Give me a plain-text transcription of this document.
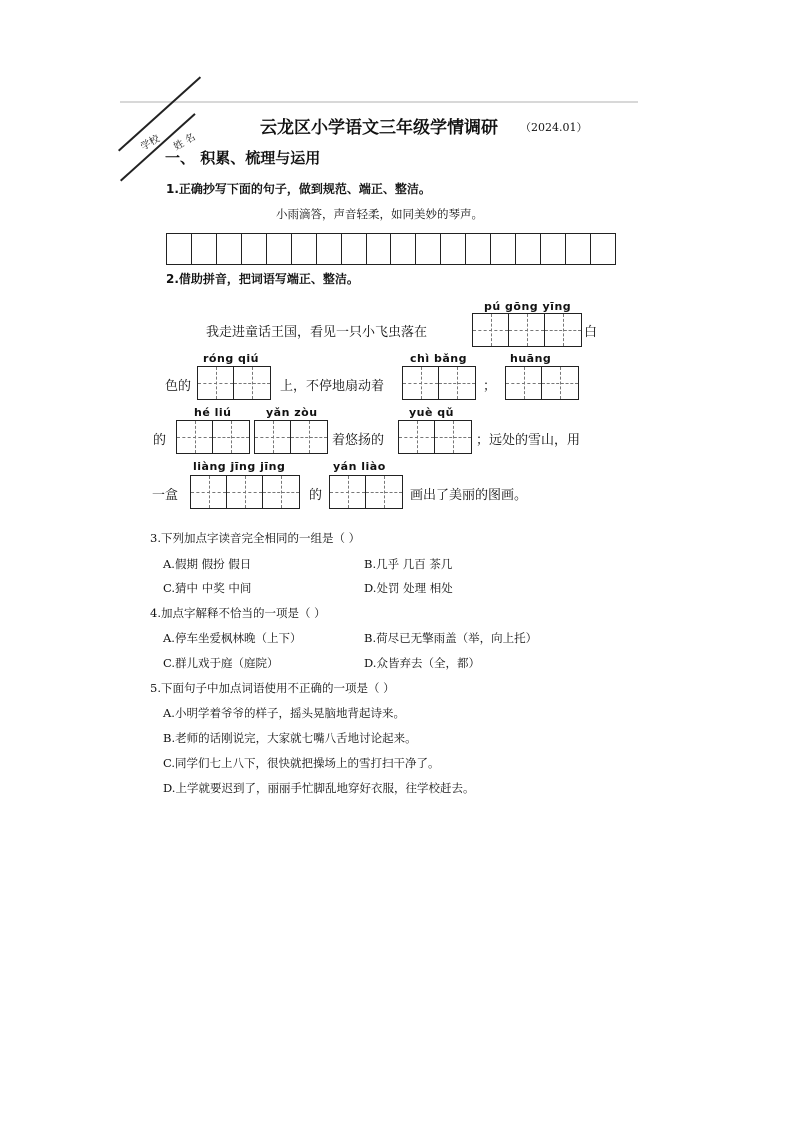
学校 姓 名
云龙区小学语文三年级学情调研 （2024.01）
一、 积累、梳理与运用
1.正确抄写下面的句子，做到规范、端正、整洁。
小雨滴答，声音轻柔，如同美妙的琴声。
2.借助拼音，把词语写端正、整洁。
pú gōng yīng
我走进童话王国，看见一只小飞虫落在	白
róng qiú	chì bǎng	huāng
色的	上，不停地扇动着	；
hé liú	yǎn zòu	yuè qǔ
的	着悠扬的	；远处的雪山，用
liàng jīng jīng	yán liào
一盒	的	画出了美丽的图画。
3.下列加点字读音完全相同的一组是（ ）
A.假期 假扮 假日	B.几乎 几百 茶几
C.猜中 中奖 中间	D.处罚 处理 相处
4.加点字解释不恰当的一项是（ ）
A.停车坐爱枫林晚（上下）	B.荷尽已无擎雨盖（举，向上托）
C.群儿戏于庭（庭院）	D.众皆弃去（全，都）
5.下面句子中加点词语使用不正确的一项是（ ）
A.小明学着爷爷的样子，摇头晃脑地背起诗来。
B.老师的话刚说完，大家就七嘴八舌地讨论起来。
C.同学们七上八下，很快就把操场上的雪打扫干净了。
D.上学就要迟到了，丽丽手忙脚乱地穿好衣服，往学校赶去。
